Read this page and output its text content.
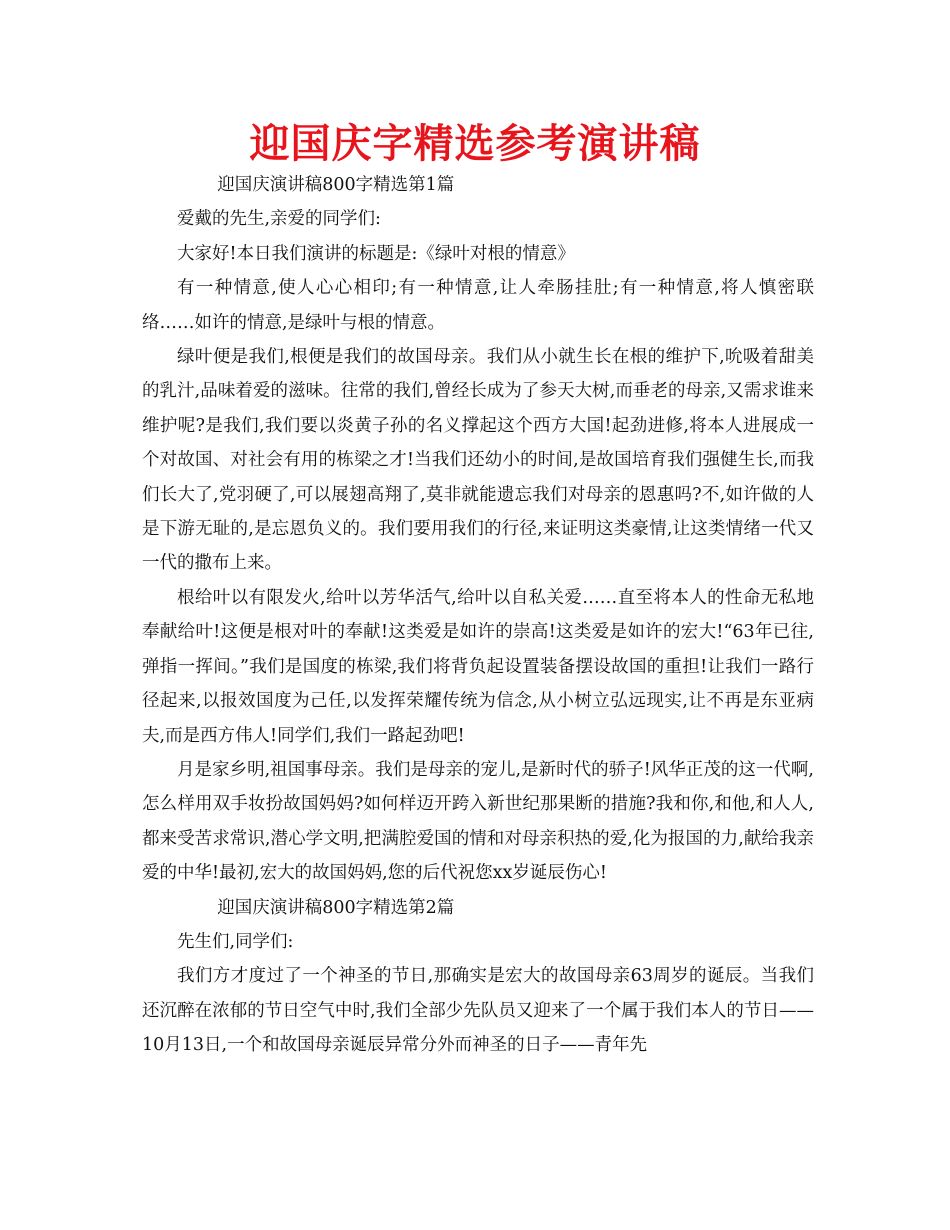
迎国庆字精选参考演讲稿

迎国庆演讲稿800字精选第1篇

爱戴的先生,亲爱的同学们:

大家好!本日我们演讲的标题是:《绿叶对根的情意》

有一种情意,使人心心相印;有一种情意,让人牵肠挂肚;有一种情意,将人慎密联络……如许的情意,是绿叶与根的情意。

绿叶便是我们,根便是我们的故国母亲。我们从小就生长在根的维护下,吮吸着甜美的乳汁,品味着爱的滋味。往常的我们,曾经长成为了参天大树,而垂老的母亲,又需求谁来维护呢?是我们,我们要以炎黄子孙的名义撑起这个西方大国!起劲进修,将本人进展成一个对故国、对社会有用的栋梁之才!当我们还幼小的时间,是故国培育我们强健生长,而我们长大了,党羽硬了,可以展翅高翔了,莫非就能遗忘我们对母亲的恩惠吗?不,如许做的人是下游无耻的,是忘恩负义的。我们要用我们的行径,来证明这类豪情,让这类情绪一代又一代的撒布上来。

根给叶以有限发火,给叶以芳华活气,给叶以自私关爱……直至将本人的性命无私地奉献给叶!这便是根对叶的奉献!这类爱是如许的崇高!这类爱是如许的宏大!“63年已往,弹指一挥间。”我们是国度的栋梁,我们将背负起设置装备摆设故国的重担!让我们一路行径起来,以报效国度为己任,以发挥荣耀传统为信念,从小树立弘远现实,让不再是东亚病夫,而是西方伟人!同学们,我们一路起劲吧!

月是家乡明,祖国事母亲。我们是母亲的宠儿,是新时代的骄子!风华正茂的这一代啊,怎么样用双手妆扮故国妈妈?如何样迈开跨入新世纪那果断的措施?我和你,和他,和人人,都来受苦求常识,潜心学文明,把满腔爱国的情和对母亲积热的爱,化为报国的力,献给我亲爱的中华!最初,宏大的故国妈妈,您的后代祝您xx岁诞辰伤心!

迎国庆演讲稿800字精选第2篇

先生们,同学们:

我们方才度过了一个神圣的节日,那确实是宏大的故国母亲63周岁的诞辰。当我们还沉醉在浓郁的节日空气中时,我们全部少先队员又迎来了一个属于我们本人的节日——10月13日,一个和故国母亲诞辰异常分外而神圣的日子——青年先
